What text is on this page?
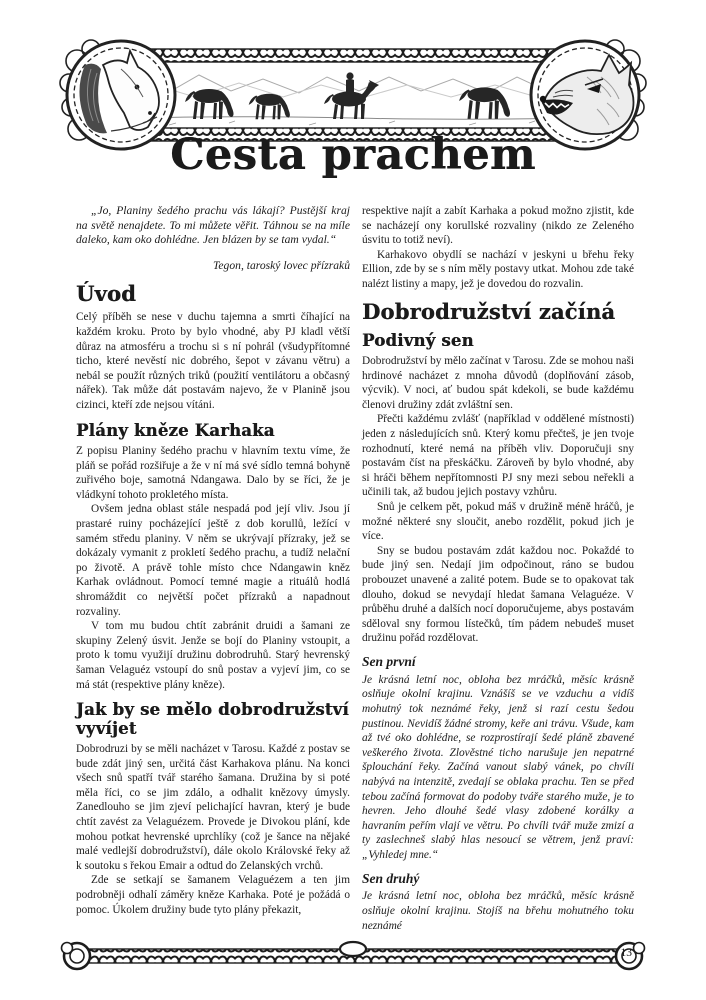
Cesta prachem

„Jo, Planiny šedého prachu vás lákají? Pustější kraj na světě nenajdete. To mi můžete věřit. Táhnou se na míle daleko, kam oko dohlédne. Jen blázen by se tam vydal.“

Tegon, taroský lovec přízraků

Úvod

Celý příběh se nese v duchu tajemna a smrti číhající na každém kroku. Proto by bylo vhodné, aby PJ kladl větší důraz na atmosféru a trochu si s ní pohrál (všudypřítomné ticho, které nevěstí nic dobrého, šepot v závanu větru) a nebál se použít různých triků (použití ventilátoru a občasný nářek). Tak může dát postavám najevo, že v Planině jsou cizinci, kteří zde nejsou vítáni.

Plány kněze Karhaka

Z popisu Planiny šedého prachu v hlavním textu víme, že pláň se pořád rozšiřuje a že v ní má své sídlo temná bohyně zuřivého boje, samotná Ndangawa. Dalo by se říci, že je vládkyní tohoto prokletého místa.

Ovšem jedna oblast stále nespadá pod její vliv. Jsou jí prastaré ruiny pocházející ještě z dob korullů, ležící v samém středu planiny. V něm se ukrývají přízraky, jež se dokázaly vymanit z prokletí šedého prachu, a tudíž nelační po životě. A právě tohle místo chce Ndangawin kněz Karhak ovládnout. Pomocí temné magie a rituálů hodlá shromáždit co největší počet přízraků a napadnout rozvaliny.

V tom mu budou chtít zabránit druidi a šamani ze skupiny Zelený úsvit. Jenže se bojí do Planiny vstoupit, a proto k tomu využijí družinu dobrodruhů. Starý hevrenský šaman Velaguéz vstoupí do snů postav a vyjeví jim, co se má stát (respektive plány kněze).

Jak by se mělo dobrodružství vyvíjet

Dobrodruzi by se měli nacházet v Tarosu. Každé z postav se bude zdát jiný sen, určitá část Karhakova plánu. Na konci všech snů spatří tvář starého šamana. Družina by si poté měla říci, co se jim zdálo, a odhalit knězovy úmysly. Zanedlouho se jim zjeví pelichající havran, který je bude chtít zavést za Velaguézem. Provede je Divokou plání, kde mohou potkat hevrenské uprchlíky (což je šance na nějaké malé vedlejší dobrodružství), dále okolo Královské řeky až k soutoku s řekou Emair a odtud do Zelanských vrchů.

Zde se setkají se šamanem Velaguézem a ten jim podrobněji odhalí záměry kněze Karhaka. Poté je požádá o pomoc. Úkolem družiny bude tyto plány překazit,

respektive najít a zabít Karhaka a pokud možno zjistit, kde se nacházejí ony korullské rozvaliny (nikdo ze Zeleného úsvitu to totiž neví).

Karhakovo obydlí se nachází v jeskyni u břehu řeky Ellion, zde by se s ním měly postavy utkat. Mohou zde také nalézt listiny a mapy, jež je dovedou do rozvalin.

Dobrodružství začíná

Podivný sen

Dobrodružství by mělo začínat v Tarosu. Zde se mohou naši hrdinové nacházet z mnoha důvodů (doplňování zásob, výcvik). V noci, ať budou spát kdekoli, se bude každému členovi družiny zdát zvláštní sen.

Přečti každému zvlášť (například v oddělené místnosti) jeden z následujících snů. Který komu přečteš, je jen tvoje rozhodnutí, které nemá na příběh vliv. Doporučuji sny postavám číst na přeskáčku. Zároveň by bylo vhodné, aby si hráči během nepřítomnosti PJ sny mezi sebou neřekli a učinili tak, až budou jejich postavy vzhůru.

Snů je celkem pět, pokud máš v družině méně hráčů, je možné některé sny sloučit, anebo rozdělit, pokud jich je více.

Sny se budou postavám zdát každou noc. Pokaždé to bude jiný sen. Nedají jim odpočinout, ráno se budou probouzet unavené a zalité potem. Bude se to opakovat tak dlouho, dokud se nevydají hledat šamana Velaguéze. V průběhu druhé a dalších nocí doporučujeme, abys postavám sděloval sny formou lístečků, tím pádem nebudeš muset družinu pořád rozdělovat.

Sen první

Je krásná letní noc, obloha bez mráčků, měsíc krásně oslňuje okolní krajinu. Vznášíš se ve vzduchu a vidíš mohutný tok neznámé řeky, jenž si razí cestu šedou pustinou. Nevidíš žádné stromy, keře ani trávu. Všude, kam až tvé oko dohlédne, se rozprostírají šedé pláně zbavené veškerého života. Zlověstné ticho narušuje jen nepatrné šplouchání řeky. Začíná vanout slabý vánek, po chvíli nabývá na intenzitě, zvedají se oblaka prachu. Ten se před tebou začíná formovat do podoby tváře starého muže, je to hevren. Jeho dlouhé šedé vlasy zdobené korálky a havraním peřím vlají ve větru. Po chvíli tvář muže zmizí a ty zaslechneš slabý hlas nesoucí se větrem, jenž praví: „Vyhledej mne.“

Sen druhý

Je krásná letní noc, obloha bez mráčků, měsíc krásně oslňuje okolní krajinu. Stojíš na břehu mohutného toku neznámé

13
